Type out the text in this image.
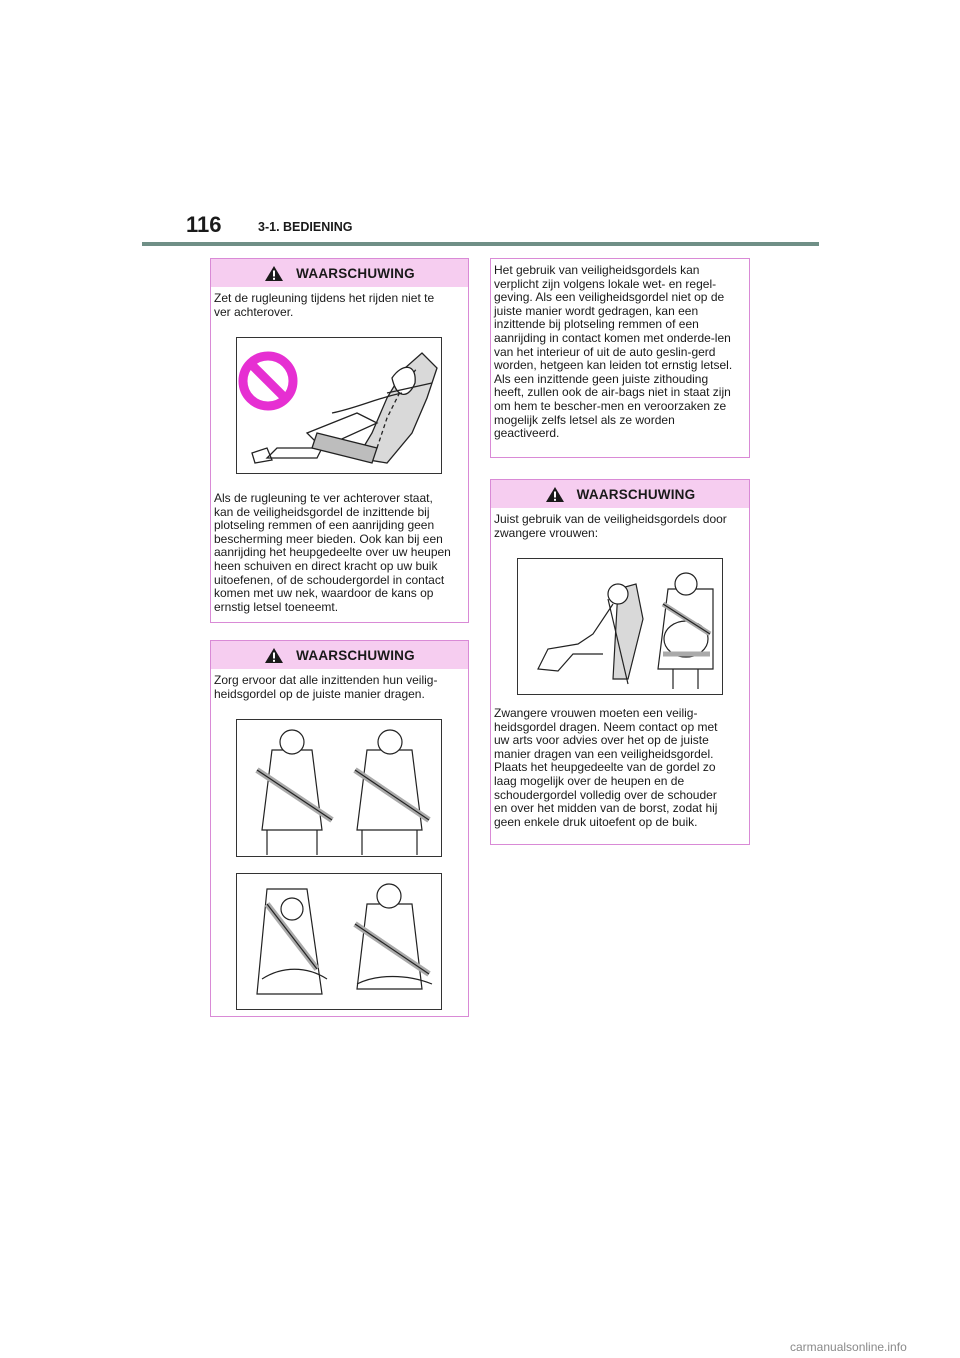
116	3-1. BEDIENING
WAARSCHUWING
Zet de rugleuning tijdens het rijden niet te ver achterover.
Als de rugleuning te ver achterover staat, kan de veiligheidsgordel de inzittende bij plotseling remmen of een aanrijding geen bescherming meer bieden. Ook kan bij een aanrijding het heupgedeelte over uw heupen heen schuiven en direct kracht op uw buik uitoefenen, of de schoudergordel in contact komen met uw nek, waardoor de kans op ernstig letsel toeneemt.
WAARSCHUWING
Zorg ervoor dat alle inzittenden hun veilig-heidsgordel op de juiste manier dragen.
Het gebruik van veiligheidsgordels kan verplicht zijn volgens lokale wet- en regel-geving. Als een veiligheidsgordel niet op de juiste manier wordt gedragen, kan een inzittende bij plotseling remmen of een aanrijding in contact komen met onderde-len van het interieur of uit de auto geslin-gerd worden, hetgeen kan leiden tot ernstig letsel. Als een inzittende geen juiste zithouding heeft, zullen ook de air-bags niet in staat zijn om hem te bescher-men en veroorzaken ze mogelijk zelfs letsel als ze worden geactiveerd.
WAARSCHUWING
Juist gebruik van de veiligheidsgordels door zwangere vrouwen:
Zwangere vrouwen moeten een veilig-heidsgordel dragen. Neem contact op met uw arts voor advies over het op de juiste manier dragen van een veiligheidsgordel. Plaats het heupgedeelte van de gordel zo laag mogelijk over de heupen en de schoudergordel volledig over de schouder en over het midden van de borst, zodat hij geen enkele druk uitoefent op de buik.
carmanualsonline.info
